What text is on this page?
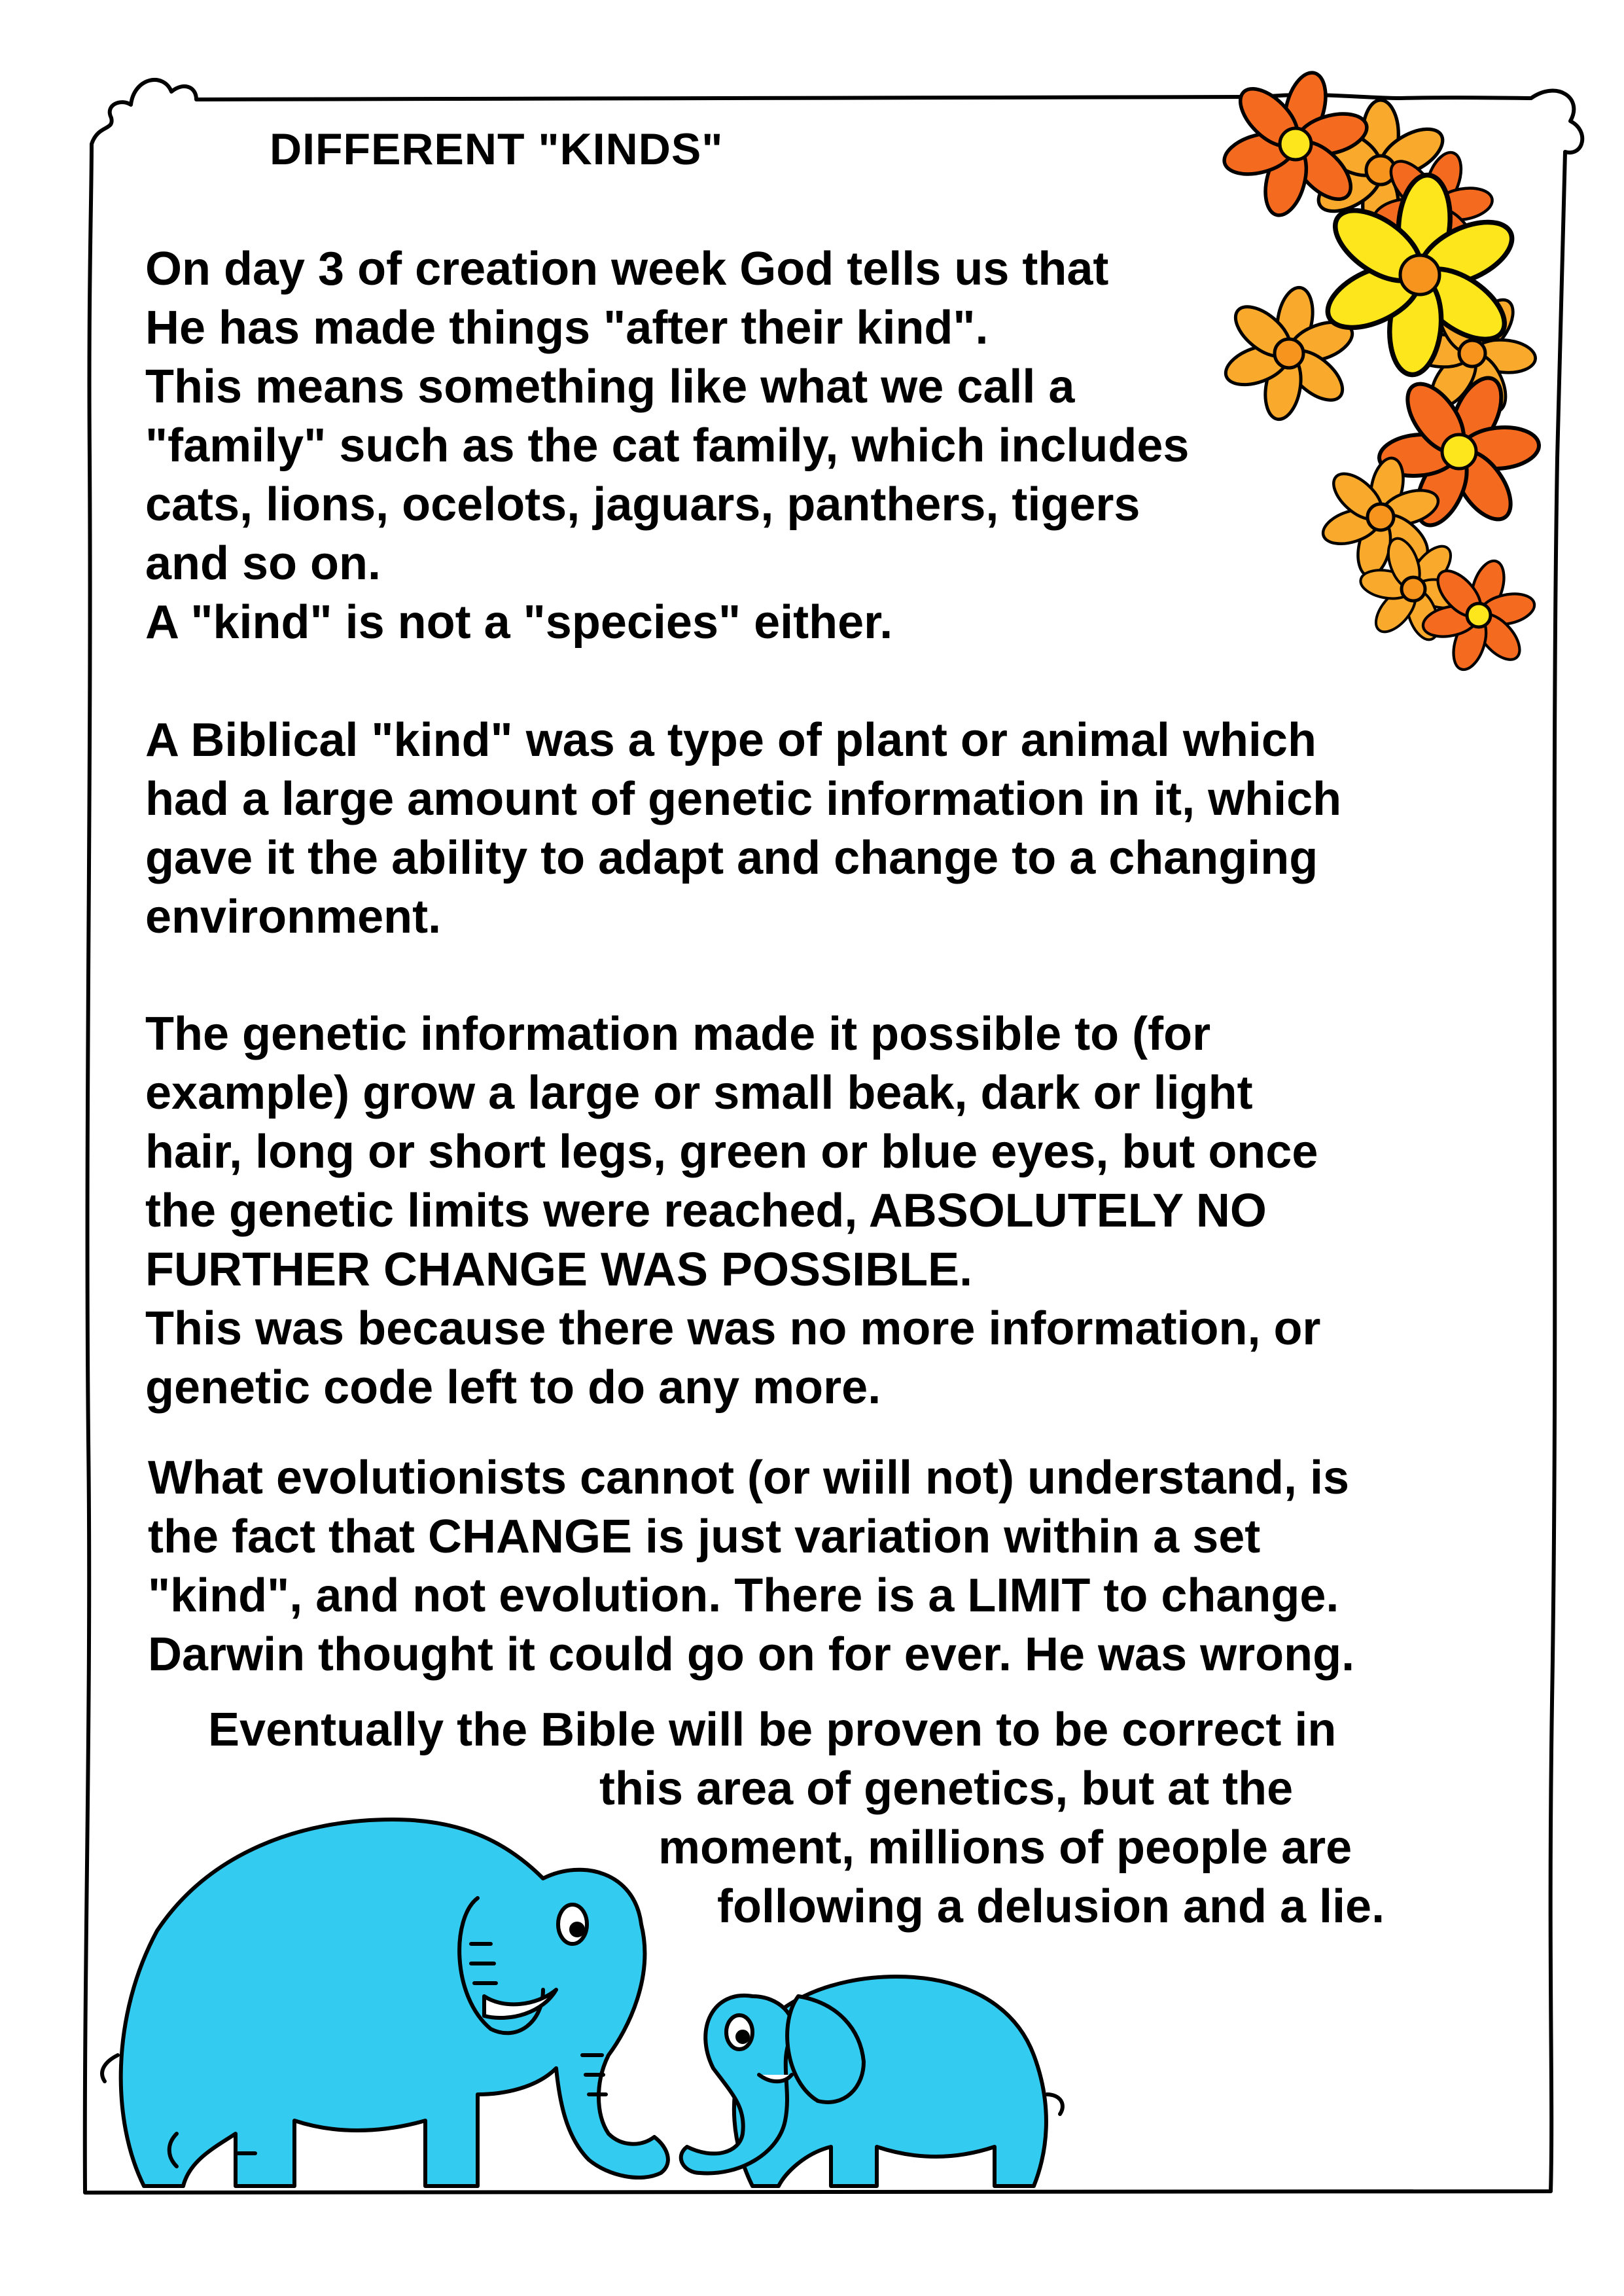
DIFFERENT "KINDS"

On day 3 of creation week God tells us that
He has made things "after their kind".
This means something like what we call a
"family" such as the cat family, which includes
cats, lions, ocelots, jaguars, panthers, tigers
and so on.
A "kind" is not a "species" either.

A Biblical "kind" was a type of plant or animal which
had a large amount of genetic information in it, which
gave it the ability to adapt and change to a changing
environment.

The genetic information made it possible to (for
example) grow a large or small beak, dark or light
hair, long or short legs, green or blue eyes, but once
the genetic limits were reached, ABSOLUTELY NO
FURTHER CHANGE WAS POSSIBLE.
This was because there was no more information, or
genetic code left to do any more.

What evolutionists cannot (or wiill not) understand, is
the fact that CHANGE is just variation within a set
"kind", and not evolution. There is a LIMIT to change.
Darwin thought it could go on for ever. He was wrong.

Eventually the Bible will be proven to be correct in
this area of genetics, but at the
moment, millions of people are
following a delusion and a lie.
